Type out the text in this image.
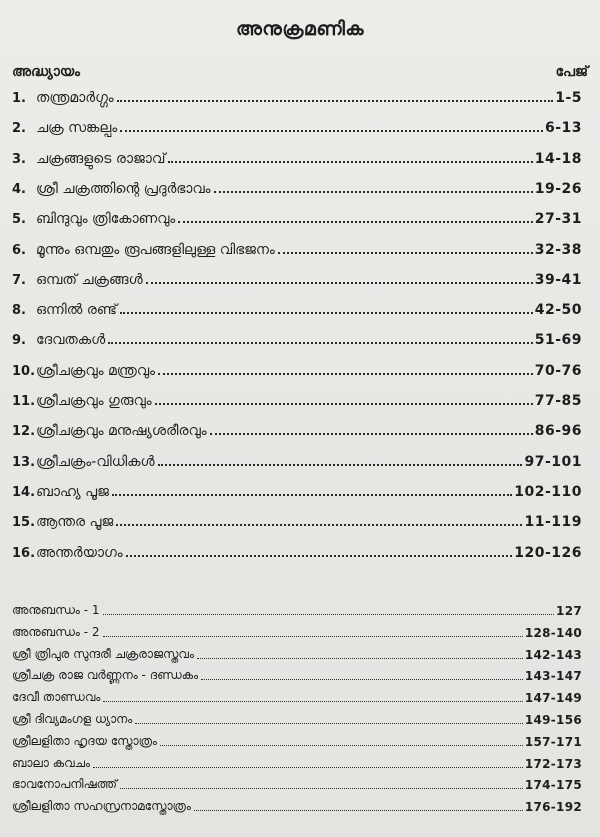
അനുക്രമണിക
അദ്ധ്യായം	പേജ്
1. തന്ത്രമാർഗ്ഗം	1-5
2. ചക്ര സങ്കല്പം	6-13
3. ചക്രങ്ങളുടെ രാജാവ്	14-18
4. ശ്രീ ചക്രത്തിന്റെ പ്രദുർഭാവം	19-26
5. ബിന്ദുവും ത്രികോണവും	27-31
6. മൂന്നും ഒമ്പതും രൂപങ്ങളിലുള്ള വിഭജനം	32-38
7. ഒമ്പത് ചക്രങ്ങൾ	39-41
8. ഒന്നിൽ രണ്ട്	42-50
9. ദേവതകൾ	51-69
10. ശ്രീചക്രവും മന്ത്രവും	70-76
11. ശ്രീചക്രവും ഗുരുവും	77-85
12. ശ്രീചക്രവും മനുഷ്യശരീരവും	86-96
13. ശ്രീചക്രം-വിധികൾ	97-101
14. ബാഹ്യ പൂജ	102-110
15. ആന്തര പൂജ	11-119
16. അന്തർയാഗം	120-126
അനുബന്ധം - 1	127
അനുബന്ധം - 2	128-140
ശ്രീ ത്രിപുര സുന്ദരീ ചക്രരാജസ്തവം	142-143
ശ്രീചക്ര രാജ വർണ്ണനം - ദണ്ഡകം	143-147
ദേവീ താണ്ഡവം	147-149
ശ്രീ ദിവ്യമംഗള ധ്യാനം	149-156
ശ്രീലളിതാ ഹൃദയ സ്തോത്രം	157-171
ബാലാ കവചം	172-173
ഭാവനോപനിഷത്ത്	174-175
ശ്രീലളിതാ സഹസ്രനാമസ്തോത്രം	176-192
